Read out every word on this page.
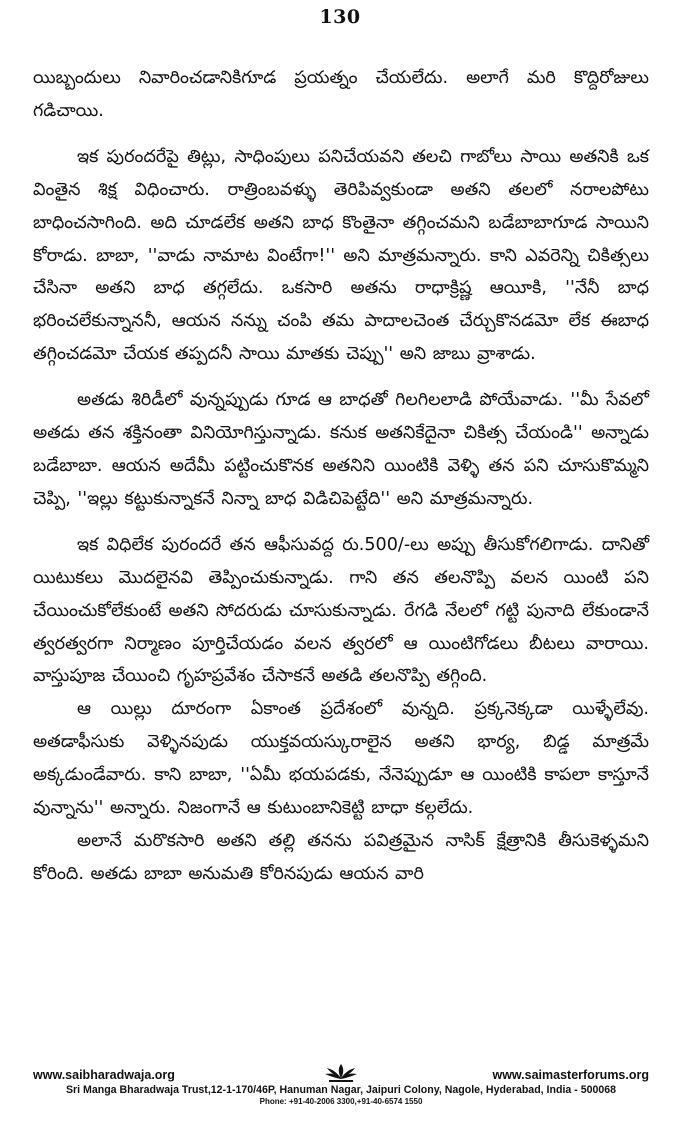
130

యిబ్బందులు నివారించడానికిగూడ ప్రయత్నం చేయలేదు. అలాగే మరి కొద్దిరోజులు గడిచాయి.

ఇక పురందరేపై తిట్లు, సాధింపులు పనిచేయవని తలచి గాబోలు సాయి అతనికి ఒక వింతైన శిక్ష విధించారు. రాత్రింబవళ్ళు తెరిపివ్వకుండా అతని తలలో నరాలపోటు బాధించసాగింది. అది చూడలేక అతని బాధ కొంతైనా తగ్గించమని బడేబాబాగూడ సాయిని కోరాడు. బాబా, ''వాడు నామాట వింటేగా!'' అని మాత్రమన్నారు. కాని ఎవరెన్ని చికిత్సలు చేసినా అతని బాధ తగ్గలేదు. ఒకసారి అతను రాధాక్రిష్ణ ఆయీకి, ''నేనీ బాధ భరించలేకున్నాననీ, ఆయన నన్ను చంపి తమ పాదాలచెంత చేర్చుకొనడమో లేక ఈబాధ తగ్గించడమో చేయక తప్పదనీ సాయి మాతకు చెప్పు'' అని జాబు వ్రాశాడు.

అతడు శిరిడీలో వున్నప్పుడు గూడ ఆ బాధతో గిలగిలలాడి పోయేవాడు. ''మీ సేవలో అతడు తన శక్తినంతా వినియోగిస్తున్నాడు. కనుక అతనికేదైనా చికిత్స చేయండి'' అన్నాడు బడేబాబా. ఆయన అదేమీ పట్టించుకొనక అతనిని యింటికి వెళ్ళి తన పని చూసుకొమ్మని చెప్పి, ''ఇల్లు కట్టుకున్నాకనే నిన్నా బాధ విడిచిపెట్టేది'' అని మాత్రమన్నారు.

ఇక విధిలేక పురందరే తన ఆఫీసువద్ద రు.500/-లు అప్పు తీసుకోగలిగాడు. దానితో యిటుకలు మొదలైనవి తెప్పించుకున్నాడు. గాని తన తలనొప్పి వలన యింటి పని చేయించుకోలేకుంటే అతని సోదరుడు చూసుకున్నాడు. రేగడి నేలలో గట్టి పునాది లేకుండానే త్వరత్వరగా నిర్మాణం పూర్తిచేయడం వలన త్వరలో ఆ యింటిగోడలు బీటలు వారాయి. వాస్తుపూజ చేయించి గృహప్రవేశం చేసాకనే అతడి తలనొప్పి తగ్గింది.

ఆ యిల్లు దూరంగా ఏకాంత ప్రదేశంలో వున్నది. ప్రక్కనెక్కడా యిళ్ళేలేవు. అతడాఫీసుకు వెళ్ళినపుడు యుక్తవయస్కురాలైన అతని భార్య, బిడ్డ మాత్రమే అక్కడుండేవారు. కాని బాబా, ''ఏమీ భయపడకు, నేనెప్పుడూ ఆ యింటికి కాపలా కాస్తూనే వున్నాను'' అన్నారు. నిజంగానే ఆ కుటుంబానికెట్టి బాధా కల్గలేదు.

అలానే మరొకసారి అతని తల్లి తనను పవిత్రమైన నాసిక్ క్షేత్రానికి తీసుకెళ్ళమని కోరింది. అతడు బాబా అనుమతి కోరినపుడు ఆయన వారి

www.saibharadwaja.org	www.saimasterforums.org
Sri Manga Bharadwaja Trust,12-1-170/46P, Hanuman Nagar, Jaipuri Colony, Nagole, Hyderabad, India - 500068
Phone: +91-40-2006 3300,+91-40-6574 1550
